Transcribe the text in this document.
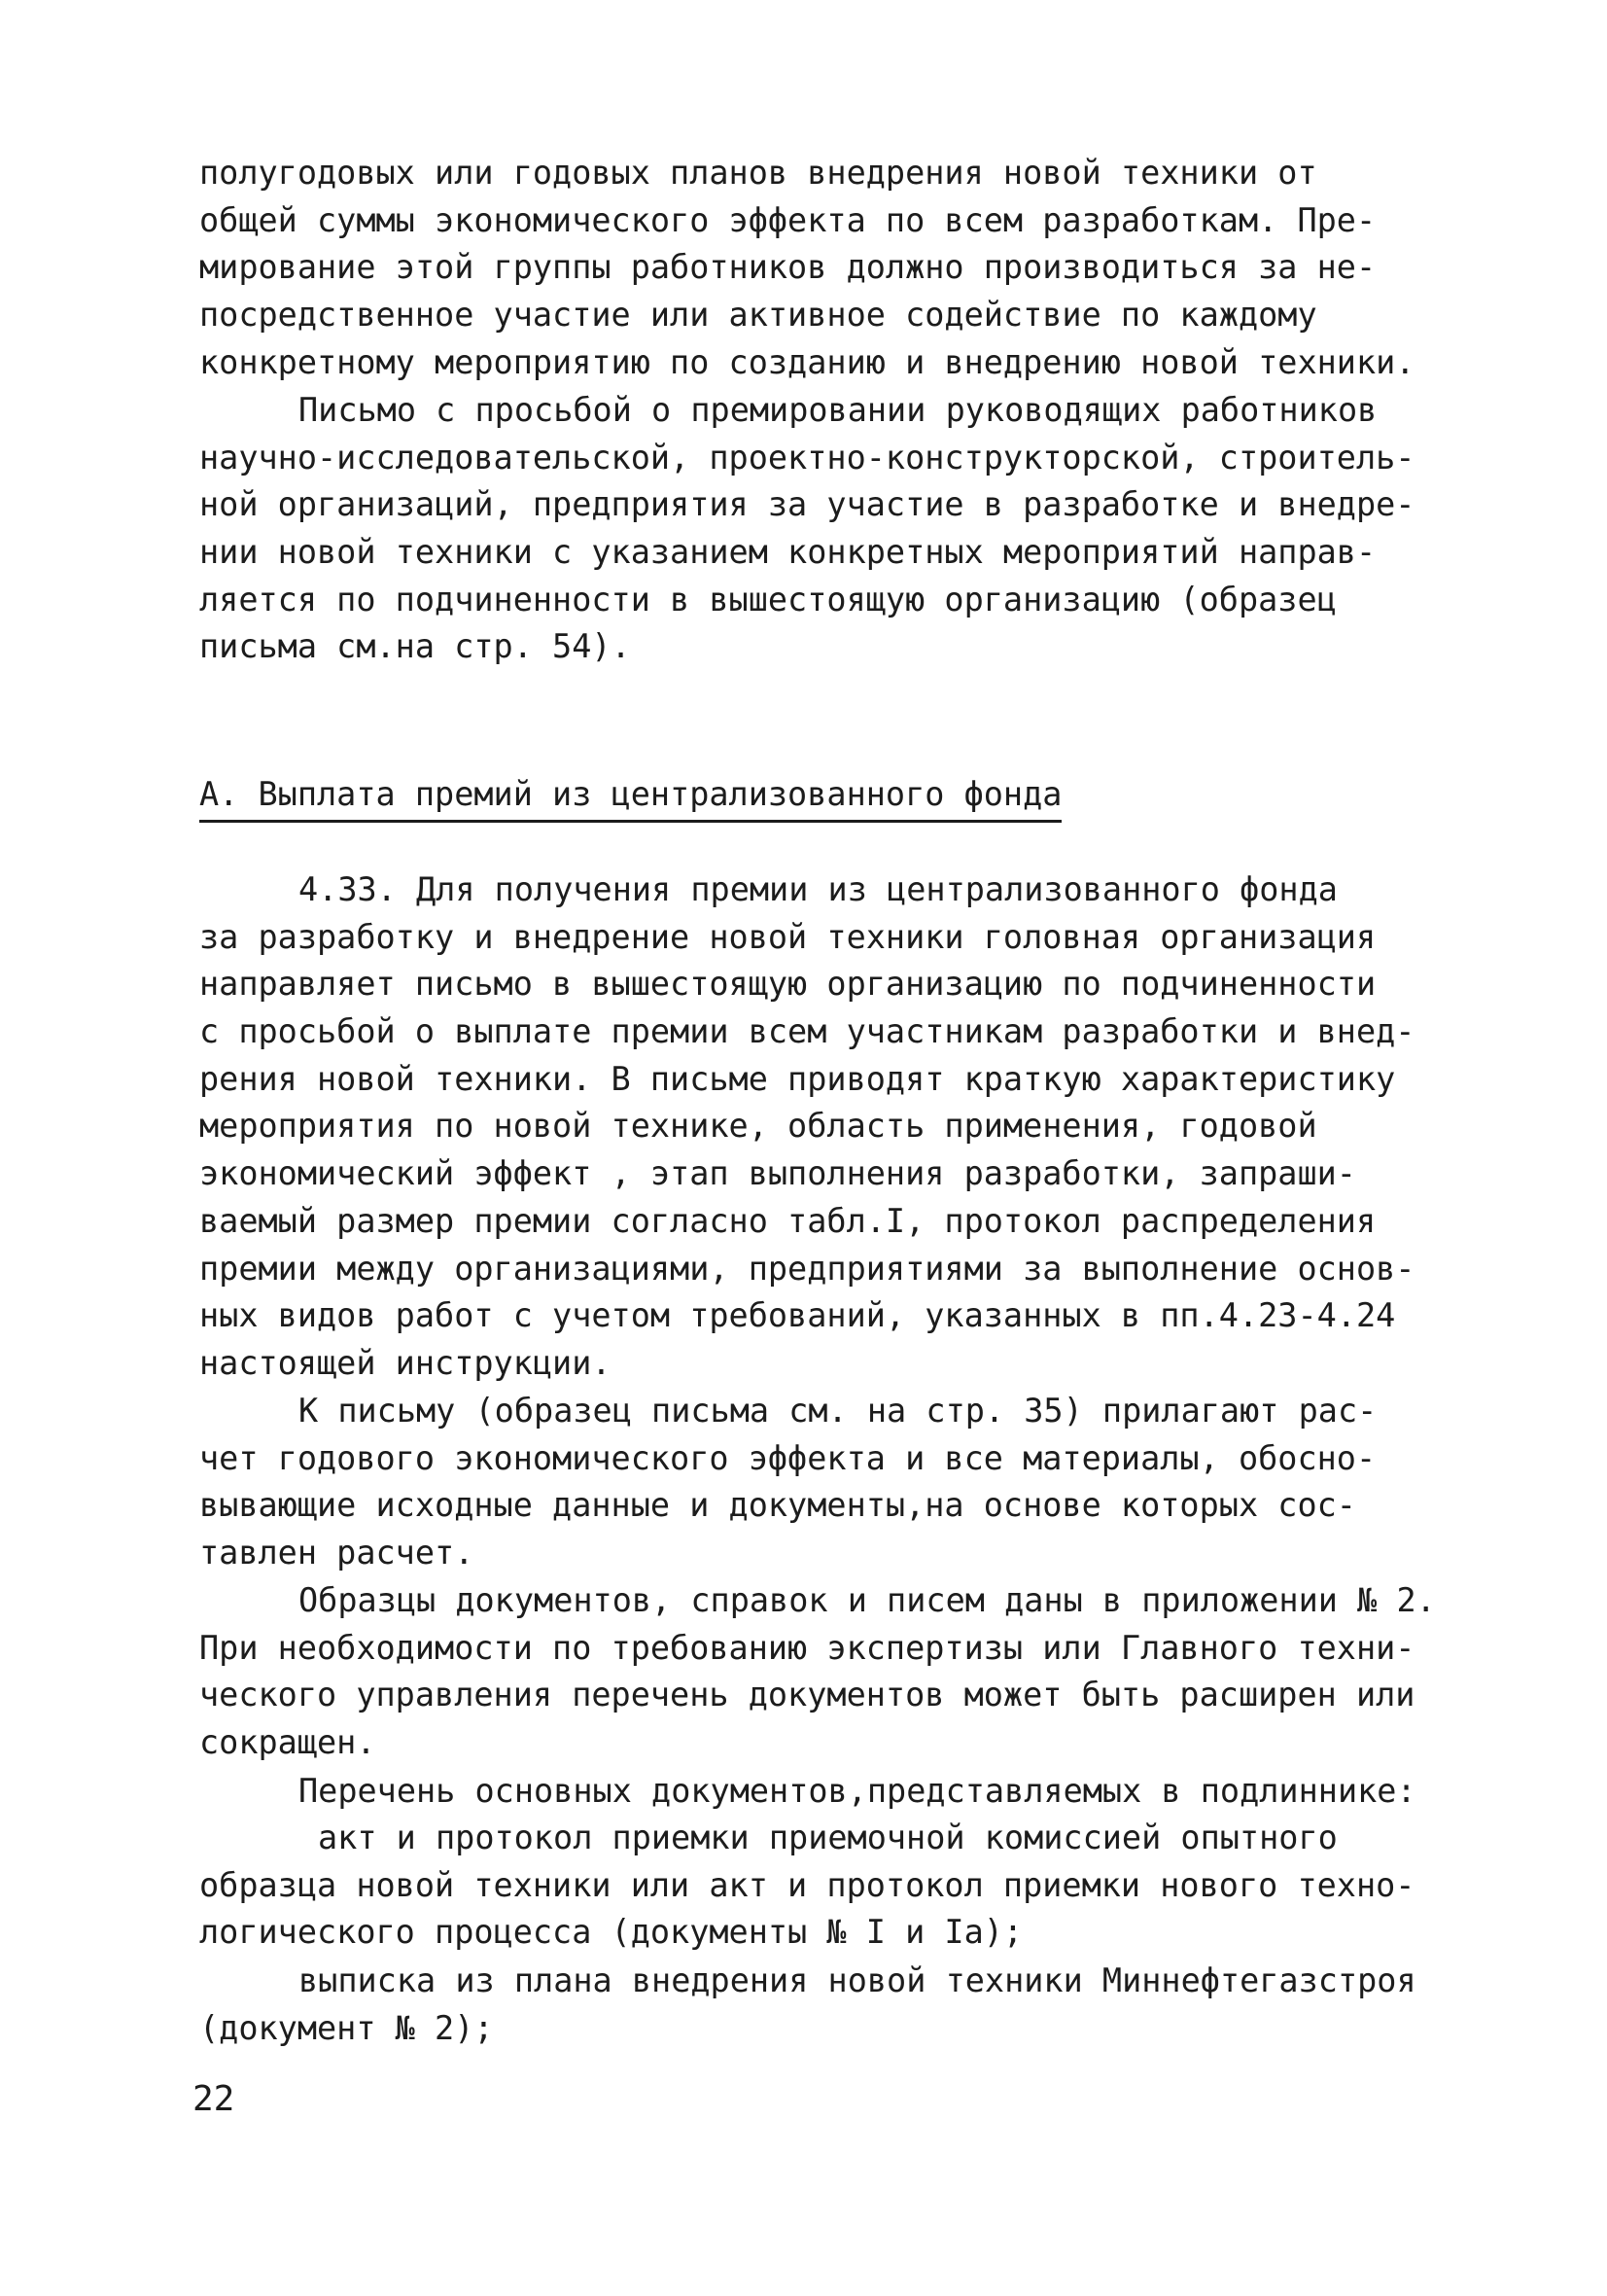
полугодовых или годовых планов внедрения новой техники от
общей суммы экономического эффекта по всем разработкам. Пре-
мирование этой группы работников должно производиться за не-
посредственное участие или активное содействие по каждому
конкретному мероприятию по созданию и внедрению новой техники.
Письмо с просьбой о премировании руководящих работников
научно-исследовательской, проектно-конструкторской, строитель-
ной организаций, предприятия за участие в разработке и внедре-
нии новой техники с указанием конкретных мероприятий направ-
ляется по подчиненности в вышестоящую организацию (образец
письма см.на стр. 54).
А. Выплата премий из централизованного фонда
4.33. Для получения премии из централизованного фонда
за разработку и внедрение новой техники головная организация
направляет письмо в вышестоящую организацию по подчиненности
с просьбой о выплате премии всем участникам разработки и внед-
рения новой техники. В письме приводят краткую характеристику
мероприятия по новой технике, область применения, годовой
экономический эффект , этап выполнения разработки, запраши-
ваемый размер премии согласно табл.I, протокол распределения
премии между организациями, предприятиями за выполнение основ-
ных видов работ с учетом требований, указанных в пп.4.23-4.24
настоящей инструкции.
К письму (образец письма см. на стр. 35) прилагают рас-
чет годового экономического эффекта и все материалы, обосно-
вывающие исходные данные и документы,на основе которых сос-
тавлен расчет.
Образцы документов, справок и писем даны в приложении № 2.
При необходимости по требованию экспертизы или Главного техни-
ческого управления перечень документов может быть расширен или
сокращен.
Перечень основных документов,представляемых в подлиннике:
акт и протокол приемки приемочной комиссией опытного
образца новой техники или акт и протокол приемки нового техно-
логического процесса (документы № I и Iа);
выписка из плана внедрения новой техники Миннефтегазстроя
(документ № 2);
22
